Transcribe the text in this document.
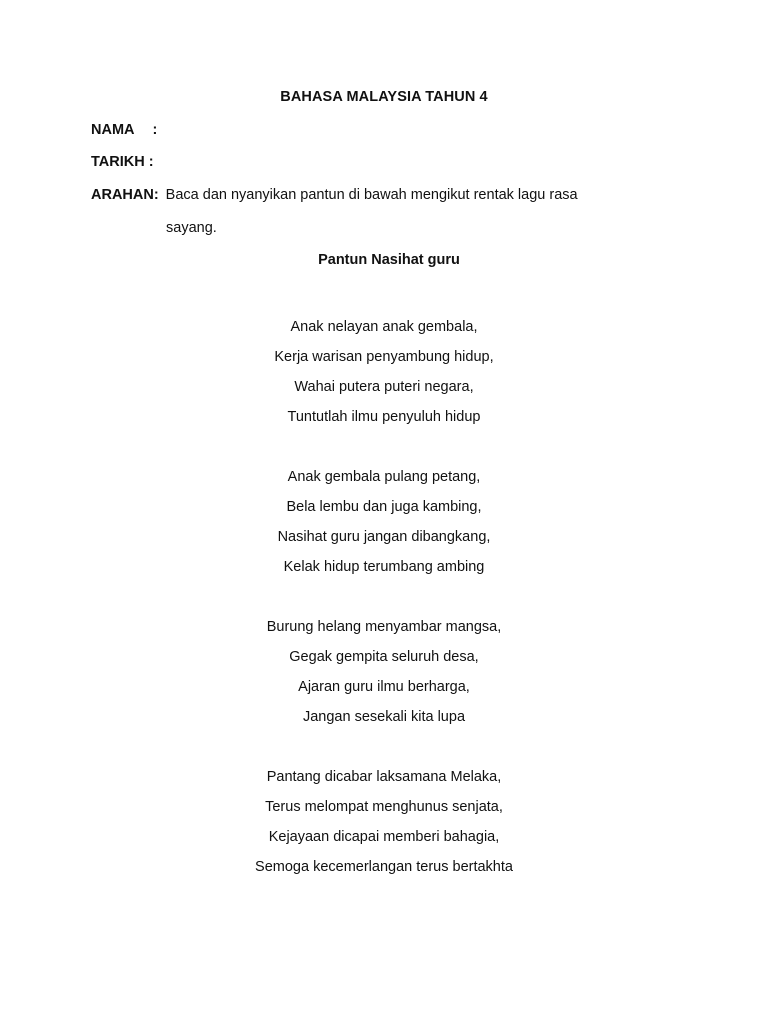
BAHASA MALAYSIA TAHUN 4
NAMA :
TARIKH :
ARAHAN: Baca dan nyanyikan pantun di bawah mengikut rentak lagu rasa
sayang.
Pantun Nasihat guru
Anak nelayan anak gembala,
Kerja warisan penyambung hidup,
Wahai putera puteri negara,
Tuntutlah ilmu penyuluh hidup
Anak gembala pulang petang,
Bela lembu dan juga kambing,
Nasihat guru jangan dibangkang,
Kelak hidup terumbang ambing
Burung helang menyambar mangsa,
Gegak gempita seluruh desa,
Ajaran guru ilmu berharga,
Jangan sesekali kita lupa
Pantang dicabar laksamana Melaka,
Terus melompat menghunus senjata,
Kejayaan dicapai memberi bahagia,
Semoga kecemerlangan terus bertakhta
